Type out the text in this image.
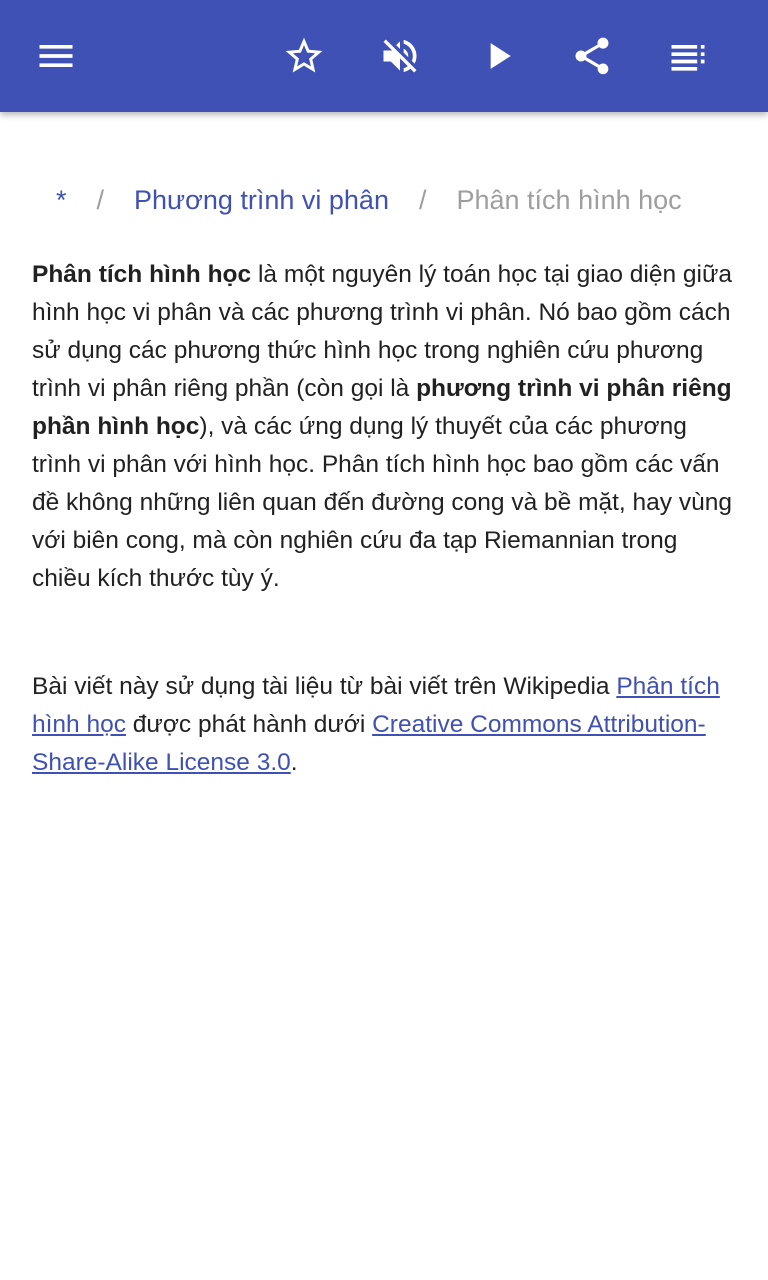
* / Phương trình vi phân / Phân tích hình học

Phân tích hình học là một nguyên lý toán học tại giao diện giữa hình học vi phân và các phương trình vi phân. Nó bao gồm cách sử dụng các phương thức hình học trong nghiên cứu phương trình vi phân riêng phần (còn gọi là phương trình vi phân riêng phần hình học), và các ứng dụng lý thuyết của các phương trình vi phân với hình học. Phân tích hình học bao gồm các vấn đề không những liên quan đến đường cong và bề mặt, hay vùng với biên cong, mà còn nghiên cứu đa tạp Riemannian trong chiều kích thước tùy ý.

Bài viết này sử dụng tài liệu từ bài viết trên Wikipedia Phân tích hình học được phát hành dưới Creative Commons Attribution-Share-Alike License 3.0.
